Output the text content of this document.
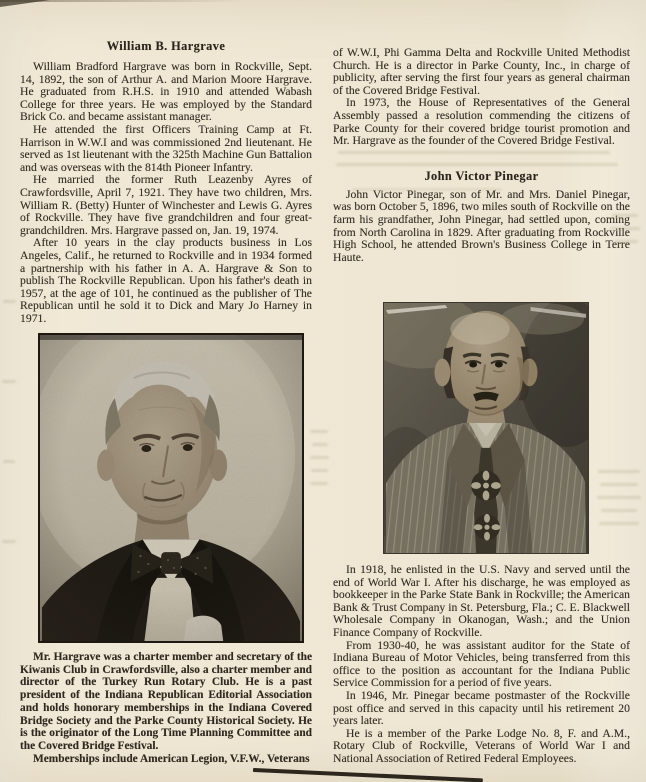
William B. Hargrave

William Bradford Hargrave was born in Rockville, Sept. 14, 1892, the son of Arthur A. and Marion Moore Hargrave. He graduated from R.H.S. in 1910 and attended Wabash College for three years. He was employed by the Standard Brick Co. and became assistant manager.

He attended the first Officers Training Camp at Ft. Harrison in W.W.I and was commissioned 2nd lieutenant. He served as 1st lieutenant with the 325th Machine Gun Battalion and was overseas with the 814th Pioneer Infantry.

He married the former Ruth Leazenby Ayres of Crawfordsville, April 7, 1921. They have two children, Mrs. William R. (Betty) Hunter of Winchester and Lewis G. Ayres of Rockville. They have five grandchildren and four great-grandchildren. Mrs. Hargrave passed on, Jan. 19, 1974.

After 10 years in the clay products business in Los Angeles, Calif., he returned to Rockville and in 1934 formed a partnership with his father in A. A. Hargrave & Son to publish The Rockville Republican. Upon his father's death in 1957, at the age of 101, he continued as the publisher of The Republican until he sold it to Dick and Mary Jo Harney in 1971.

Mr. Hargrave was a charter member and secretary of the Kiwanis Club in Crawfordsville, also a charter member and director of the Turkey Run Rotary Club. He is a past president of the Indiana Republican Editorial Association and holds honorary memberships in the Indiana Covered Bridge Society and the Parke County Historical Society. He is the originator of the Long Time Planning Committee and the Covered Bridge Festival.

Memberships include American Legion, V.F.W., Veterans

of W.W.I, Phi Gamma Delta and Rockville United Methodist Church. He is a director in Parke County, Inc., in charge of publicity, after serving the first four years as general chairman of the Covered Bridge Festival.

In 1973, the House of Representatives of the General Assembly passed a resolution commending the citizens of Parke County for their covered bridge tourist promotion and Mr. Hargrave as the founder of the Covered Bridge Festival.

John Victor Pinegar

John Victor Pinegar, son of Mr. and Mrs. Daniel Pinegar, was born October 5, 1896, two miles south of Rockville on the farm his grandfather, John Pinegar, had settled upon, coming from North Carolina in 1829. After graduating from Rockville High School, he attended Brown's Business College in Terre Haute.

In 1918, he enlisted in the U.S. Navy and served until the end of World War I. After his discharge, he was employed as bookkeeper in the Parke State Bank in Rockville; the American Bank & Trust Company in St. Petersburg, Fla.; C. E. Blackwell Wholesale Company in Okanogan, Wash.; and the Union Finance Company of Rockville.

From 1930-40, he was assistant auditor for the State of Indiana Bureau of Motor Vehicles, being transferred from this office to the position as accountant for the Indiana Public Service Commission for a period of five years.

In 1946, Mr. Pinegar became postmaster of the Rockville post office and served in this capacity until his retirement 20 years later.

He is a member of the Parke Lodge No. 8, F. and A.M., Rotary Club of Rockville, Veterans of World War I and National Association of Retired Federal Employees.
